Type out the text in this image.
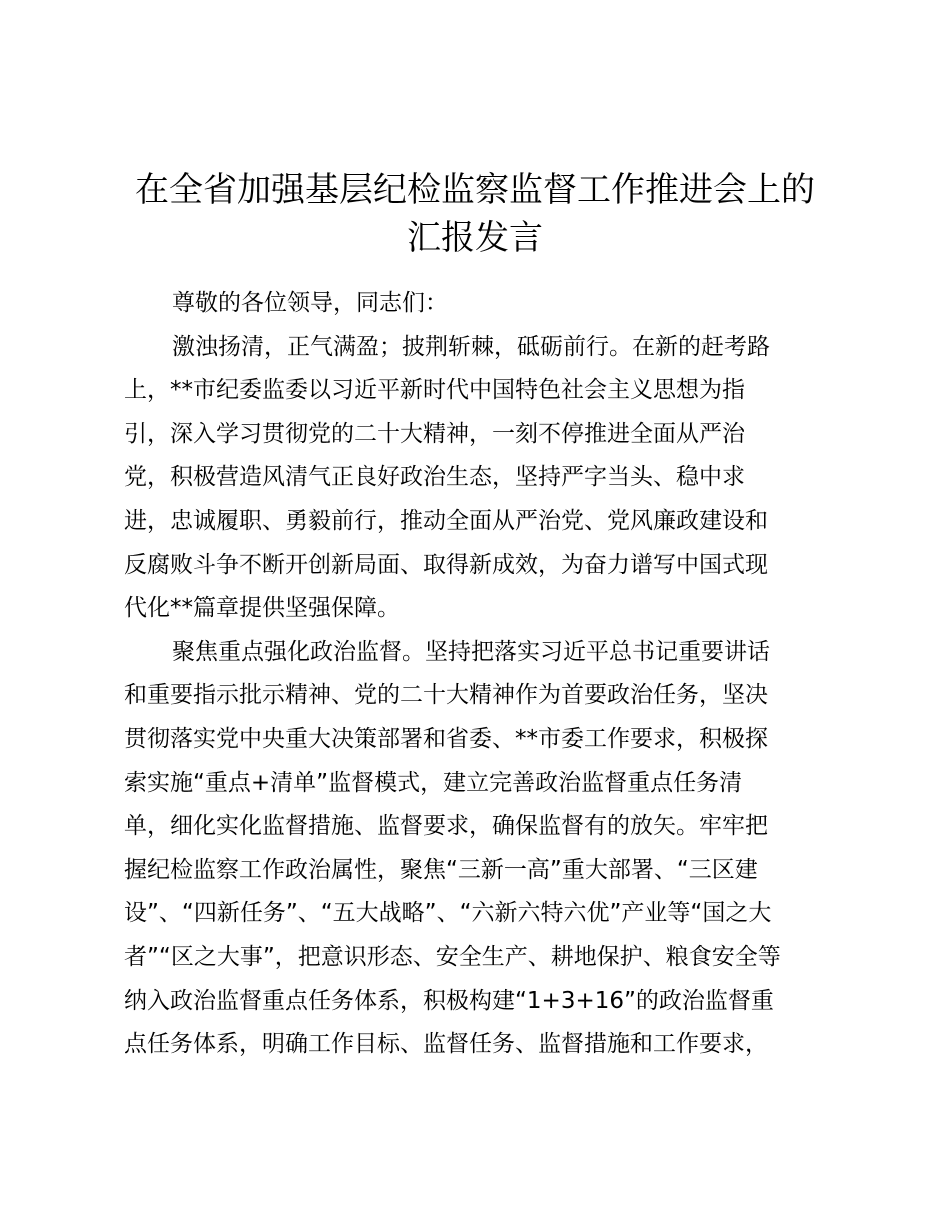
在全省加强基层纪检监察监督工作推进会上的
汇报发言
尊敬的各位领导，同志们：
激浊扬清，正气满盈；披荆斩棘，砥砺前行。在新的赶考路
上，**市纪委监委以习近平新时代中国特色社会主义思想为指
引，深入学习贯彻党的二十大精神，一刻不停推进全面从严治
党，积极营造风清气正良好政治生态，坚持严字当头、稳中求
进，忠诚履职、勇毅前行，推动全面从严治党、党风廉政建设和
反腐败斗争不断开创新局面、取得新成效，为奋力谱写中国式现
代化**篇章提供坚强保障。
聚焦重点强化政治监督。坚持把落实习近平总书记重要讲话
和重要指示批示精神、党的二十大精神作为首要政治任务，坚决
贯彻落实党中央重大决策部署和省委、**市委工作要求，积极探
索实施“重点+清单”监督模式，建立完善政治监督重点任务清
单，细化实化监督措施、监督要求，确保监督有的放矢。牢牢把
握纪检监察工作政治属性，聚焦“三新一高”重大部署、“三区建
设”、“四新任务”、“五大战略”、“六新六特六优”产业等“国之大
者”“区之大事”，把意识形态、安全生产、耕地保护、粮食安全等
纳入政治监督重点任务体系，积极构建“1+3+16”的政治监督重
点任务体系，明确工作目标、监督任务、监督措施和工作要求，
